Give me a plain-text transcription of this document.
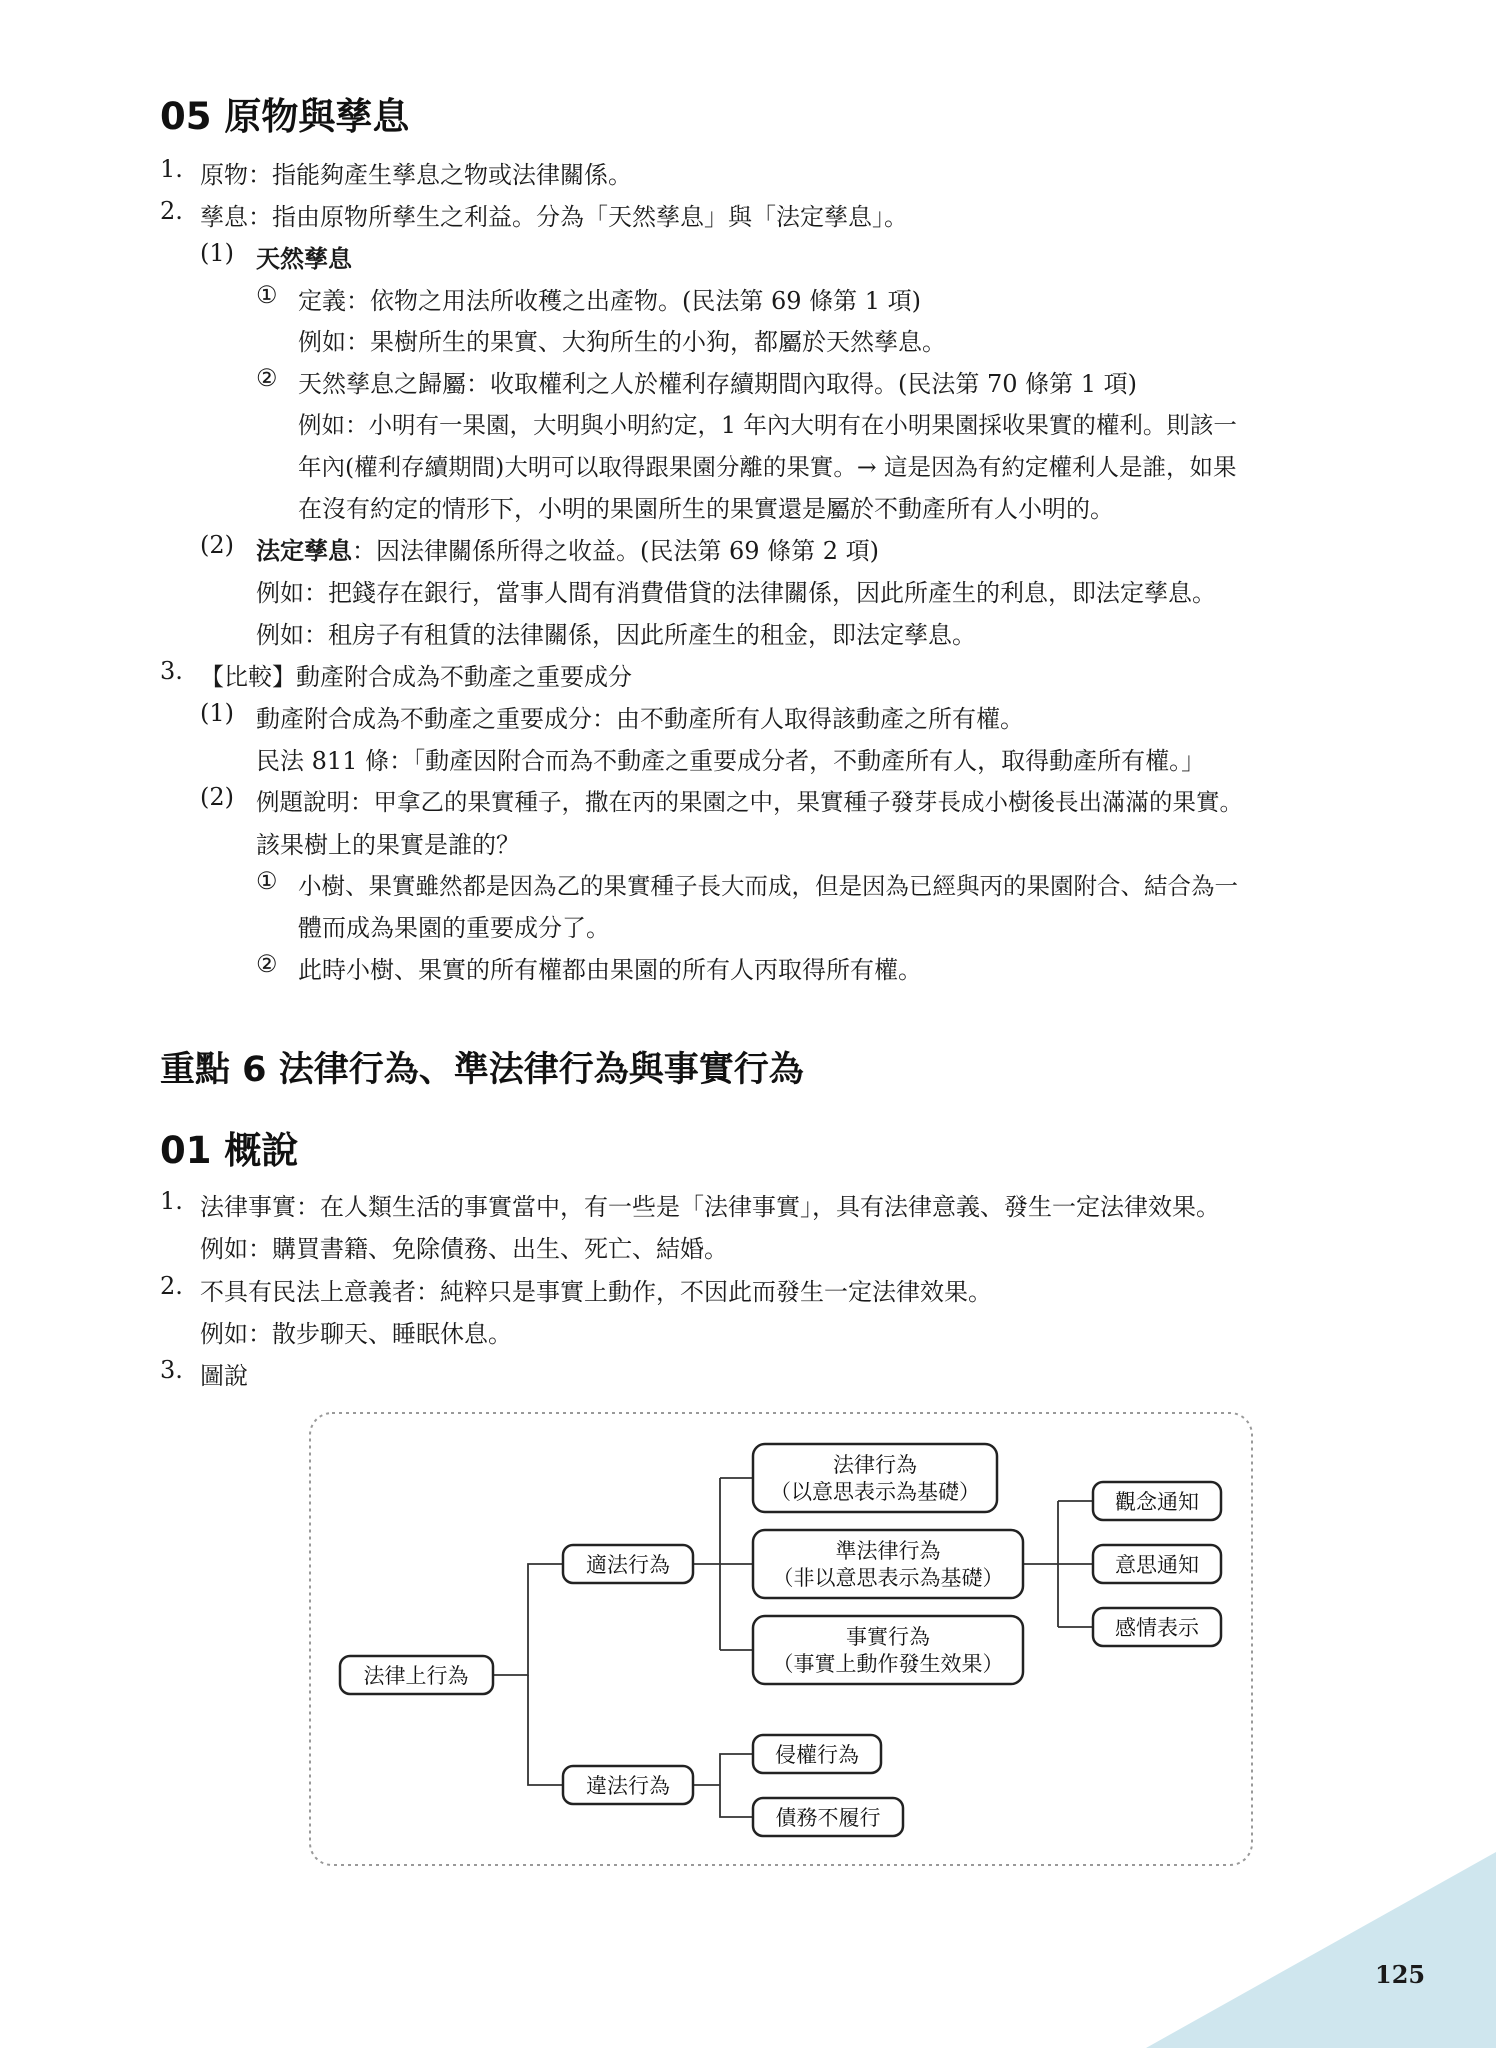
05 原物與孳息
1. 原物：指能夠產生孳息之物或法律關係。
2. 孳息：指由原物所孳生之利益。分為「天然孳息」與「法定孳息」。
(1) 天然孳息
① 定義：依物之用法所收穫之出產物。(民法第 69 條第 1 項)
例如：果樹所生的果實、大狗所生的小狗，都屬於天然孳息。
② 天然孳息之歸屬：收取權利之人於權利存續期間內取得。(民法第 70 條第 1 項)
例如：小明有一果園，大明與小明約定，1 年內大明有在小明果園採收果實的權利。則該一
年內(權利存續期間)大明可以取得跟果園分離的果實。→ 這是因為有約定權利人是誰，如果
在沒有約定的情形下，小明的果園所生的果實還是屬於不動產所有人小明的。
(2) 法定孳息：因法律關係所得之收益。(民法第 69 條第 2 項)
例如：把錢存在銀行，當事人間有消費借貸的法律關係，因此所產生的利息，即法定孳息。
例如：租房子有租賃的法律關係，因此所產生的租金，即法定孳息。
3. 【比較】動產附合成為不動產之重要成分
(1) 動產附合成為不動產之重要成分：由不動產所有人取得該動產之所有權。
民法 811 條：「動產因附合而為不動產之重要成分者，不動產所有人，取得動產所有權。」
(2) 例題說明：甲拿乙的果實種子，撒在丙的果園之中，果實種子發芽長成小樹後長出滿滿的果實。
該果樹上的果實是誰的？
① 小樹、果實雖然都是因為乙的果實種子長大而成，但是因為已經與丙的果園附合、結合為一
體而成為果園的重要成分了。
② 此時小樹、果實的所有權都由果園的所有人丙取得所有權。
重點 6 法律行為、準法律行為與事實行為
01 概說
1. 法律事實：在人類生活的事實當中，有一些是「法律事實」，具有法律意義、發生一定法律效果。
例如：購買書籍、免除債務、出生、死亡、結婚。
2. 不具有民法上意義者：純粹只是事實上動作，不因此而發生一定法律效果。
例如：散步聊天、睡眠休息。
3. 圖說
法律上行為
適法行為
違法行為
法律行為
（以意思表示為基礎）
準法律行為
（非以意思表示為基礎）
事實行為
（事實上動作發生效果）
觀念通知
意思通知
感情表示
侵權行為
債務不履行
125
